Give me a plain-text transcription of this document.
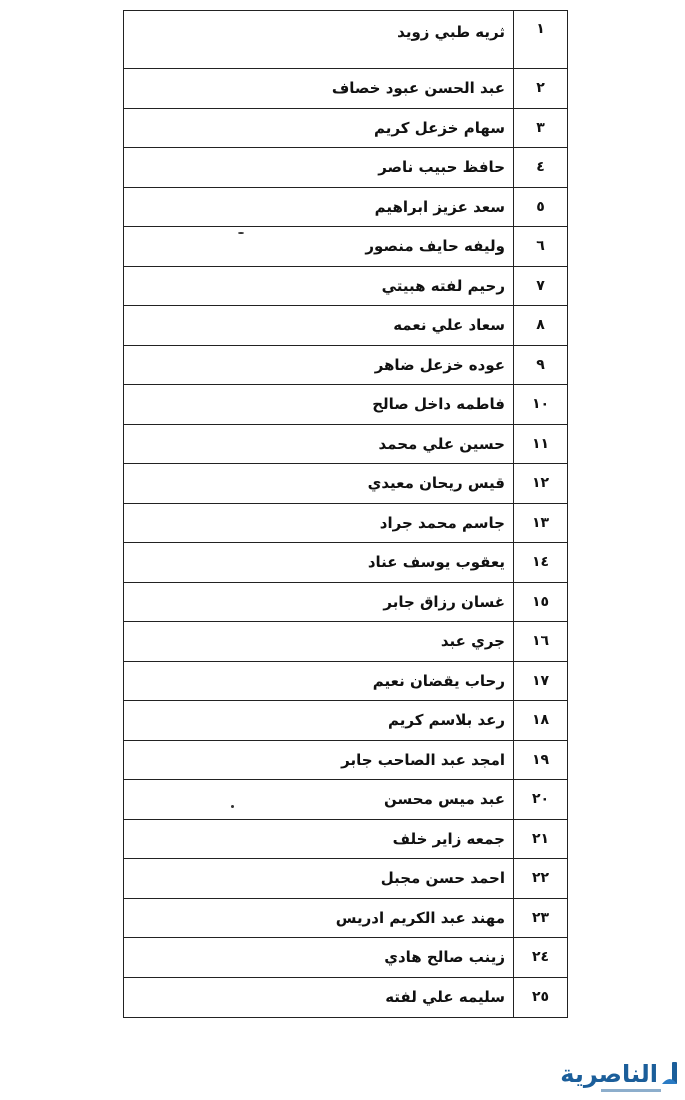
١
ثريه طبي زويد
٢
عبد الحسن عبود خصاف
٣
سهام خزعل كريم
٤
حافظ حبيب ناصر
٥
سعد عزيز ابراهيم
٦
وليفه حايف منصور
٧
رحيم لفته هبيتي
٨
سعاد علي نعمه
٩
عوده خزعل ضاهر
١٠
فاطمه داخل صالح
١١
حسين علي محمد
١٢
قيس ريحان معيدي
١٣
جاسم محمد جراد
١٤
يعقوب يوسف عناد
١٥
غسان رزاق جابر
١٦
جري عبد
١٧
رحاب يقضان نعيم
١٨
رعد بلاسم كريم
١٩
امجد عبد الصاحب جابر
٢٠
عبد ميس محسن
٢١
جمعه زاير خلف
٢٢
احمد حسن مجبل
٢٣
مهند عبد الكريم ادريس
٢٤
زينب صالح هادي
٢٥
سليمه علي لفته
الناصرية
